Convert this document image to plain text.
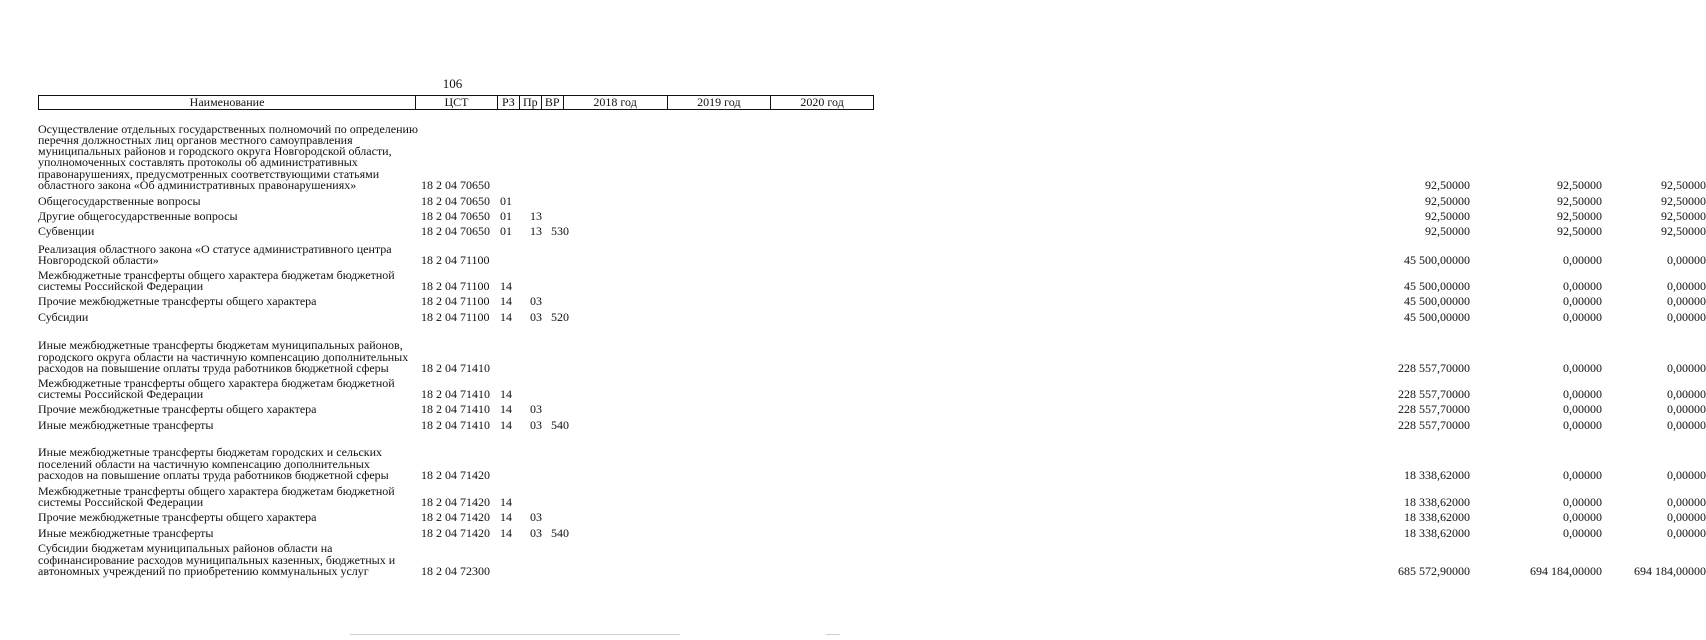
106
Наименование	ЦСТ	РЗ Пр ВР	2018 год	2019 год	2020 год
Осуществление отдельных государственных полномочий по определению перечня должностных лиц органов местного самоуправления муниципальных районов и городского округа Новгородской области, уполномоченных составлять протоколы об административных правонарушениях, предусмотренных соответствующими статьями областного закона «Об административных правонарушениях»	18 2 04 70650	92,50000	92,50000	92,50000
Общегосударственные вопросы	18 2 04 70650 01	92,50000	92,50000	92,50000
Другие общегосударственные вопросы	18 2 04 70650 01 13	92,50000	92,50000	92,50000
Субвенции	18 2 04 70650 01 13 530	92,50000	92,50000	92,50000
Реализация областного закона «О статусе административного центра Новгородской области»	18 2 04 71100	45 500,00000	0,00000	0,00000
Межбюджетные трансферты общего характера бюджетам бюджетной системы Российской Федерации	18 2 04 71100 14	45 500,00000	0,00000	0,00000
Прочие межбюджетные трансферты общего характера	18 2 04 71100 14 03	45 500,00000	0,00000	0,00000
Субсидии	18 2 04 71100 14 03 520	45 500,00000	0,00000	0,00000
Иные межбюджетные трансферты бюджетам муниципальных районов, городского округа области на частичную компенсацию дополнительных расходов на повышение оплаты труда работников бюджетной сферы	18 2 04 71410	228 557,70000	0,00000	0,00000
Межбюджетные трансферты общего характера бюджетам бюджетной системы Российской Федерации	18 2 04 71410 14	228 557,70000	0,00000	0,00000
Прочие межбюджетные трансферты общего характера	18 2 04 71410 14 03	228 557,70000	0,00000	0,00000
Иные межбюджетные трансферты	18 2 04 71410 14 03 540	228 557,70000	0,00000	0,00000
Иные межбюджетные трансферты бюджетам городских и сельских поселений области на частичную компенсацию дополнительных расходов на повышение оплаты труда работников бюджетной сферы	18 2 04 71420	18 338,62000	0,00000	0,00000
Межбюджетные трансферты общего характера бюджетам бюджетной системы Российской Федерации	18 2 04 71420 14	18 338,62000	0,00000	0,00000
Прочие межбюджетные трансферты общего характера	18 2 04 71420 14 03	18 338,62000	0,00000	0,00000
Иные межбюджетные трансферты	18 2 04 71420 14 03 540	18 338,62000	0,00000	0,00000
Субсидии бюджетам муниципальных районов области на софинансирование расходов муниципальных казенных, бюджетных и автономных учреждений по приобретению коммунальных услуг	18 2 04 72300	685 572,90000	694 184,00000	694 184,00000
